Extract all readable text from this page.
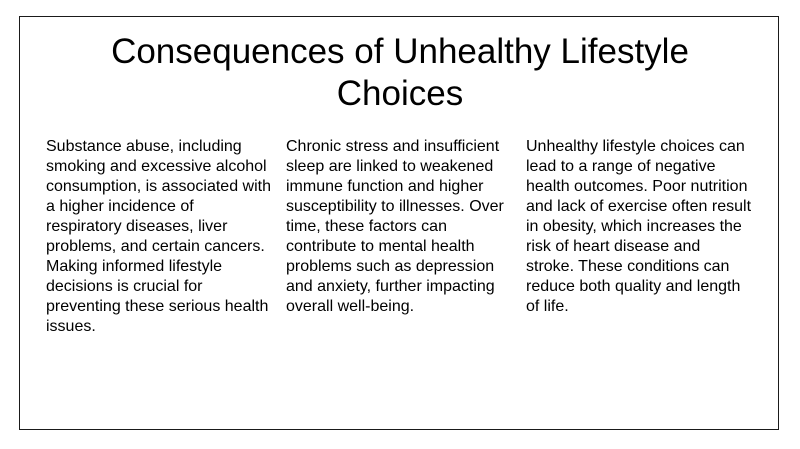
Consequences of Unhealthy Lifestyle
Choices

Substance abuse, including smoking and excessive alcohol consumption, is associated with a higher incidence of respiratory diseases, liver problems, and certain cancers. Making informed lifestyle decisions is crucial for preventing these serious health issues.

Chronic stress and insufficient sleep are linked to weakened immune function and higher susceptibility to illnesses. Over time, these factors can contribute to mental health problems such as depression and anxiety, further impacting overall well-being.

Unhealthy lifestyle choices can lead to a range of negative health outcomes. Poor nutrition and lack of exercise often result in obesity, which increases the risk of heart disease and stroke. These conditions can reduce both quality and length of life.
